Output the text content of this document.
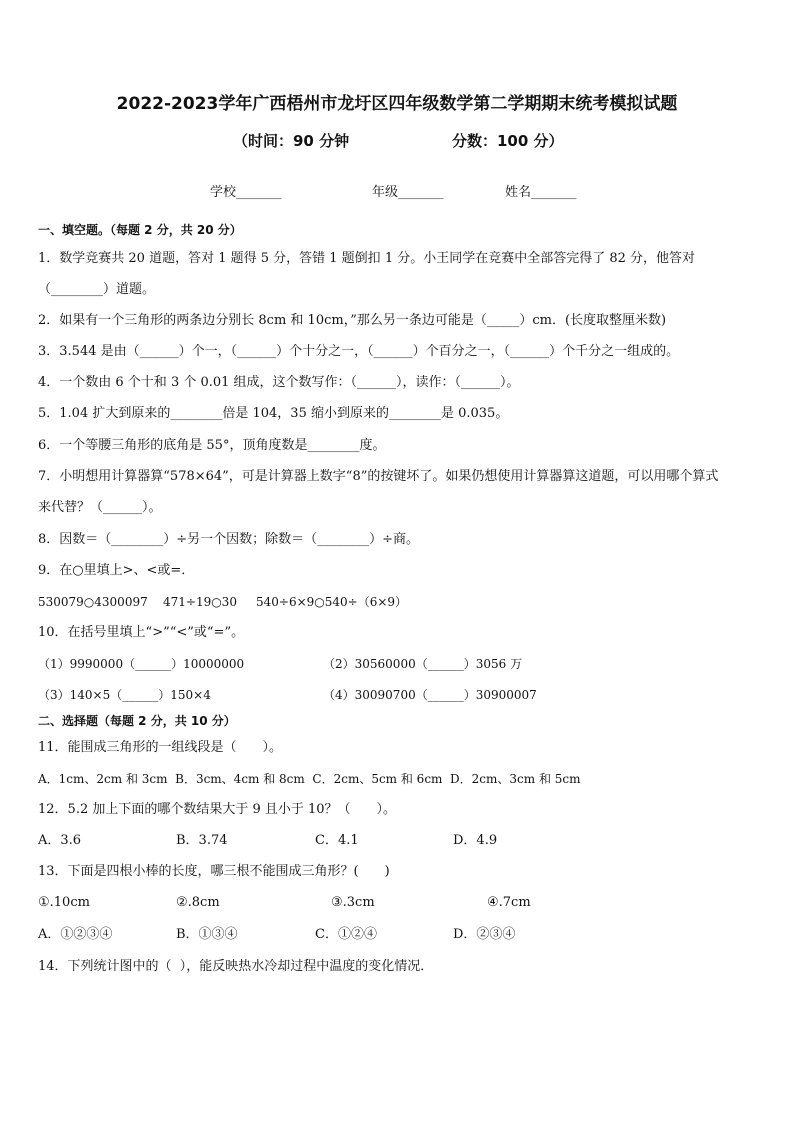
2022-2023学年广西梧州市龙圩区四年级数学第二学期期末统考模拟试题
（时间：90 分钟	分数：100 分）
学校_______	年级_______	姓名_______
一、填空题。（每题 2 分，共 20 分）
1．数学竞赛共 20 道题，答对 1 题得 5 分，答错 1 题倒扣 1 分。小王同学在竞赛中全部答完得了 82 分，他答对
（________）道题。
2．如果有一个三角形的两条边分别长 8cm 和 10cm，”那么另一条边可能是（_____）cm．(长度取整厘米数)
3．3.544 是由（______）个一，（______）个十分之一，（______）个百分之一，（______）个千分之一组成的。
4．一个数由 6 个十和 3 个 0.01 组成，这个数写作：（______），读作：（______）。
5．1.04 扩大到原来的________倍是 104，35 缩小到原来的________是 0.035。
6．一个等腰三角形的底角是 55°，顶角度数是________度。
7．小明想用计算器算“578×64”，可是计算器上数字“8”的按键坏了。如果仍想使用计算器算这道题，可以用哪个算式
来代替？（______）。
8．因数＝（________）÷另一个因数；除数＝（________）÷商。
9．在○里填上>、<或=．
530079○4300097    471÷19○30     540÷6×9○540÷（6×9）
10．在括号里填上“>”“<”或“=”。
（1）9990000（______）10000000	（2）30560000（______）3056 万
（3）140×5（______）150×4	（4）30090700（______）30900007
二、选择题（每题 2 分，共 10 分）
11．能围成三角形的一组线段是（　　）。
A．1cm、2cm 和 3cm  B．3cm、4cm 和 8cm  C．2cm、5cm 和 6cm  D．2cm、3cm 和 5cm
12．5.2 加上下面的哪个数结果大于 9 且小于 10？（　　）。
A．3.6	B．3.74	C．4.1	D．4.9
13．下面是四根小棒的长度，哪三根不能围成三角形？(　　)
①.10cm	②.8cm	③.3cm	④.7cm
A．①②③④	B．①③④	C．①②④	D．②③④
14．下列统计图中的（  ），能反映热水冷却过程中温度的变化情况．
